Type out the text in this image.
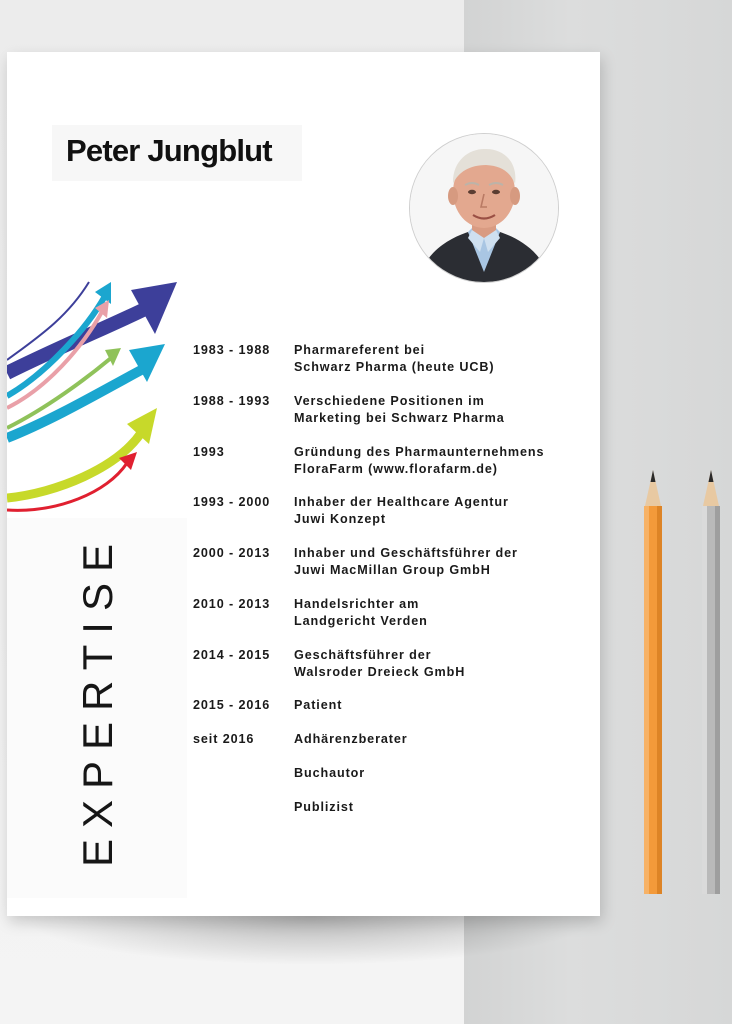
Peter Jungblut
EXPERTISE
1983 - 1988	Pharmareferent bei
Schwarz Pharma (heute UCB)
1988 - 1993	Verschiedene Positionen im
Marketing bei Schwarz Pharma
1993	Gründung des Pharmaunternehmens
FloraFarm (www.florafarm.de)
1993 - 2000	Inhaber der Healthcare Agentur
Juwi Konzept
2000 - 2013	Inhaber und Geschäftsführer der
Juwi MacMillan Group GmbH
2010 - 2013	Handelsrichter am
Landgericht Verden
2014 - 2015	Geschäftsführer der
Walsroder Dreieck GmbH
2015 - 2016	Patient
seit 2016	Adhärenzberater
Buchautor
Publizist
